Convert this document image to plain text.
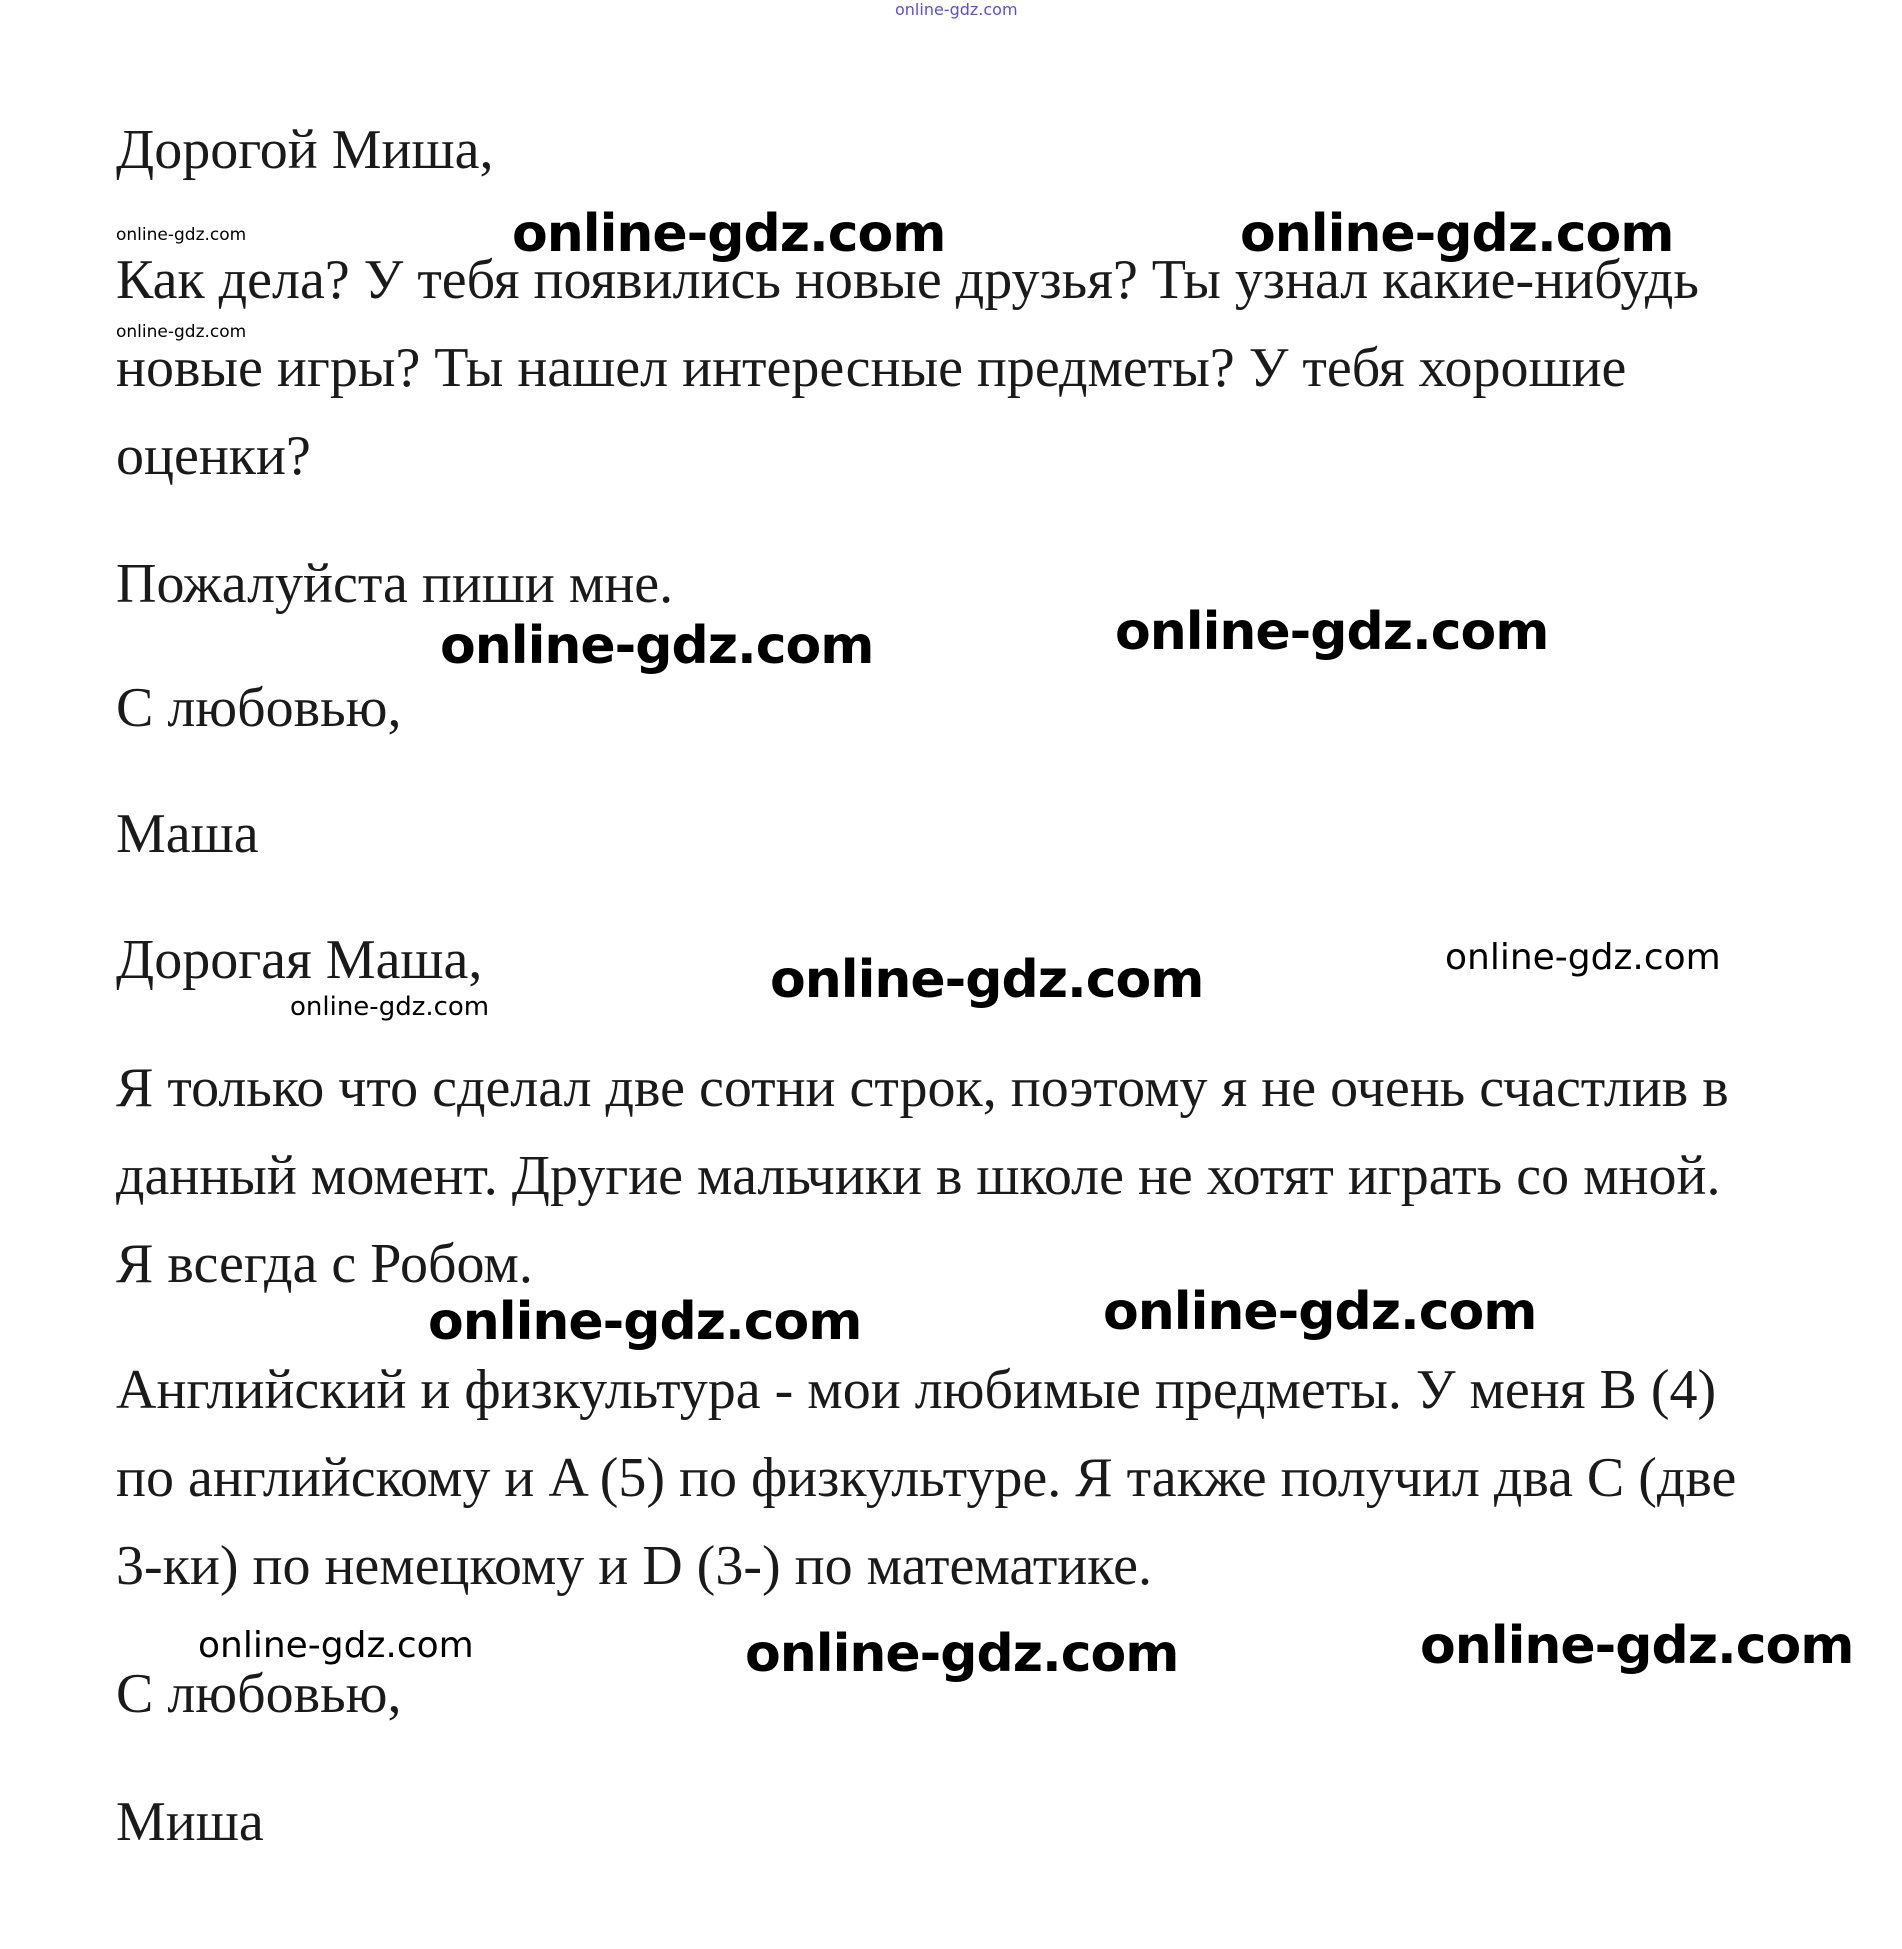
online-gdz.com

Дорогой Миша,

Как дела? У тебя появились новые друзья? Ты узнал какие-нибудь

новые игры? Ты нашел интересные предметы? У тебя хорошие

оценки?

Пожалуйста пиши мне.

С любовью,

Маша

Дорогая Маша,

Я только что сделал две сотни строк, поэтому я не очень счастлив в

данный момент. Другие мальчики в школе не хотят играть со мной.

Я всегда с Робом.

Английский и физкультура - мои любимые предметы. У меня B (4)

по английскому и A (5) по физкультуре. Я также получил два C (две

3-ки) по немецкому и D (3-) по математике.

С любовью,

Миша

online-gdz.com	online-gdz.com	online-gdz.com
online-gdz.com
online-gdz.com	online-gdz.com
online-gdz.com	online-gdz.com
online-gdz.com
online-gdz.com	online-gdz.com
online-gdz.com	online-gdz.com	online-gdz.com
